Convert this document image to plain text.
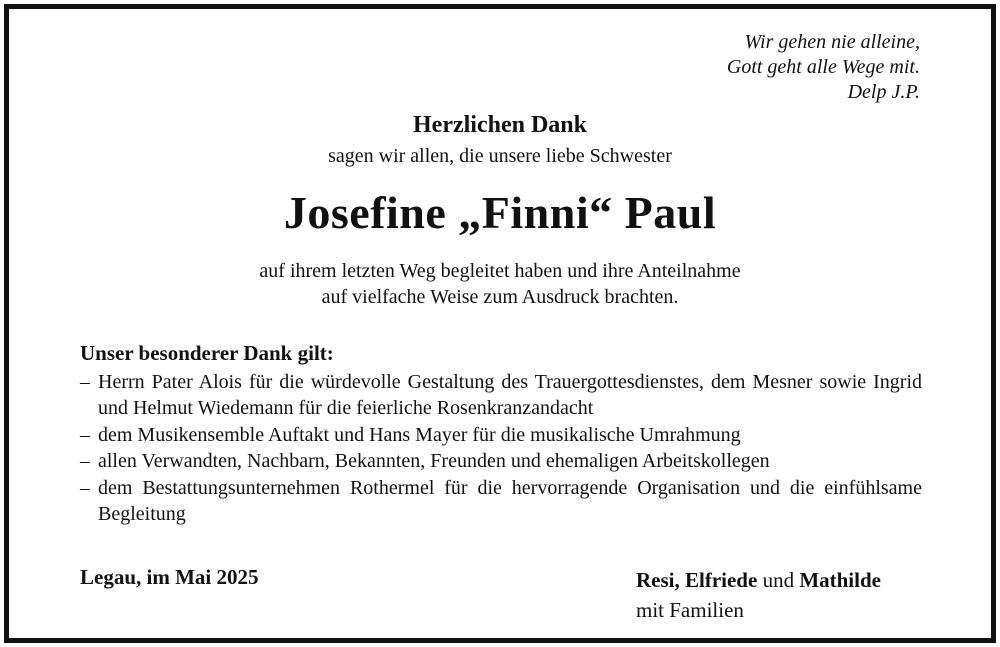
Wir gehen nie alleine,
Gott geht alle Wege mit.
Delp J.P.
Herzlichen Dank
sagen wir allen, die unsere liebe Schwester
Josefine „Finni“ Paul
auf ihrem letzten Weg begleitet haben und ihre Anteilnahme
auf vielfache Weise zum Ausdruck brachten.
Unser besonderer Dank gilt:
– Herrn Pater Alois für die würdevolle Gestaltung des Trauergottesdienstes, dem Mesner sowie Ingrid und Helmut Wiedemann für die feierliche Rosenkranzandacht
– dem Musikensemble Auftakt und Hans Mayer für die musikalische Umrahmung
– allen Verwandten, Nachbarn, Bekannten, Freunden und ehemaligen Arbeitskollegen
– dem Bestattungsunternehmen Rothermel für die hervorragende Organisation und die einfühlsame Begleitung
Legau, im Mai 2025	Resi, Elfriede und Mathilde
mit Familien
